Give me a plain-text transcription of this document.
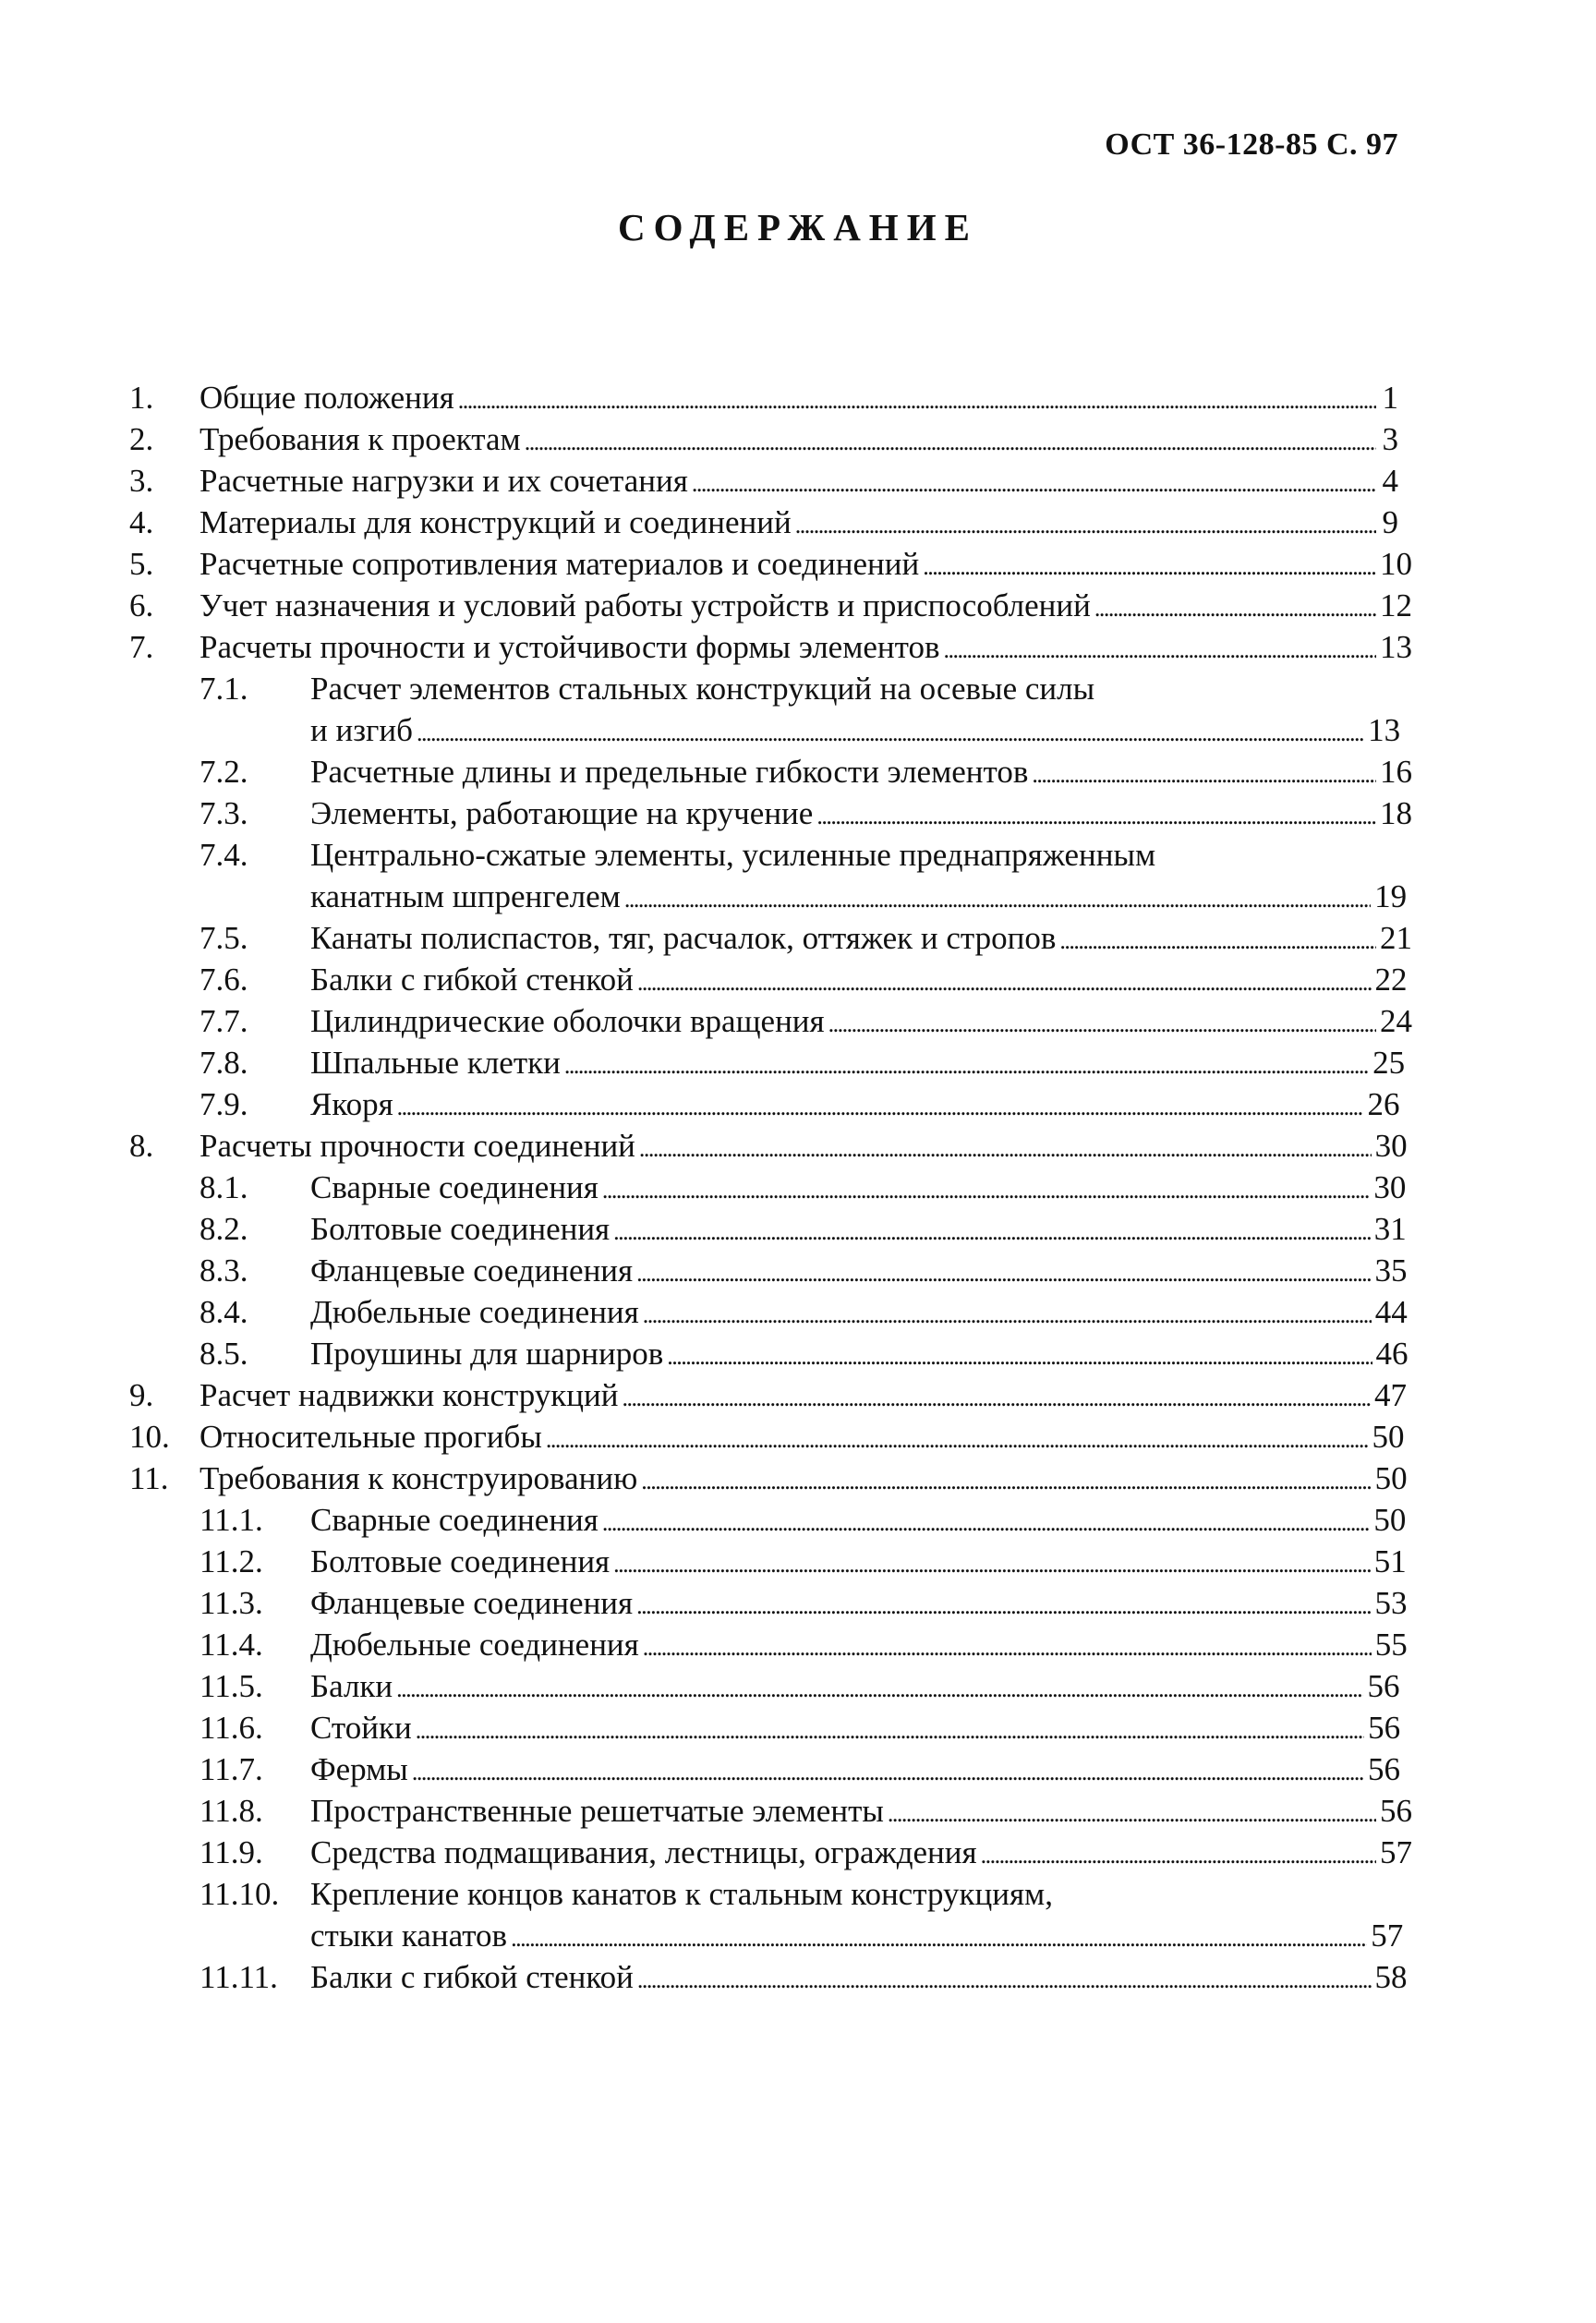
ОСТ 36-128-85 С. 97
СОДЕРЖАНИЕ
1. Общие положения . . .	1
2. Требования к проектам . . .	3
3. Расчетные нагрузки и их сочетания . . .	4
4. Материалы для конструкций и соединений . . .	9
5. Расчетные сопротивления материалов и соединений . . .	10
6. Учет назначения и условий работы устройств и приспособлений . . .	12
7. Расчеты прочности и устойчивости формы элементов . . .	13
7.1. Расчет элементов стальных конструкций на осевые силы
и изгиб . . .	13
7.2. Расчетные длины и предельные гибкости элементов . . .	16
7.3. Элементы, работающие на кручение . . .	18
7.4. Центрально-сжатые элементы, усиленные преднапряженным
канатным шпренгелем . . .	19
7.5. Канаты полиспастов, тяг, расчалок, оттяжек и стропов . . .	21
7.6. Балки с гибкой стенкой . . .	22
7.7. Цилиндрические оболочки вращения . . .	24
7.8. Шпальные клетки . . .	25
7.9. Якоря . . .	26
8. Расчеты прочности соединений . . .	30
8.1. Сварные соединения . . .	30
8.2. Болтовые соединения . . .	31
8.3. Фланцевые соединения . . .	35
8.4. Дюбельные соединения . . .	44
8.5. Проушины для шарниров . . .	46
9. Расчет надвижки конструкций . . .	47
10. Относительные прогибы . . .	50
11. Требования к конструированию . . .	50
11.1. Сварные соединения . . .	50
11.2. Болтовые соединения . . .	51
11.3. Фланцевые соединения . . .	53
11.4. Дюбельные соединения . . .	55
11.5. Балки . . .	56
11.6. Стойки . . .	56
11.7. Фермы . . .	56
11.8. Пространственные решетчатые элементы . . .	56
11.9. Средства подмащивания, лестницы, ограждения . . .	57
11.10. Крепление концов канатов к стальным конструкциям,
стыки канатов . . .	57
11.11. Балки с гибкой стенкой . . .	58
